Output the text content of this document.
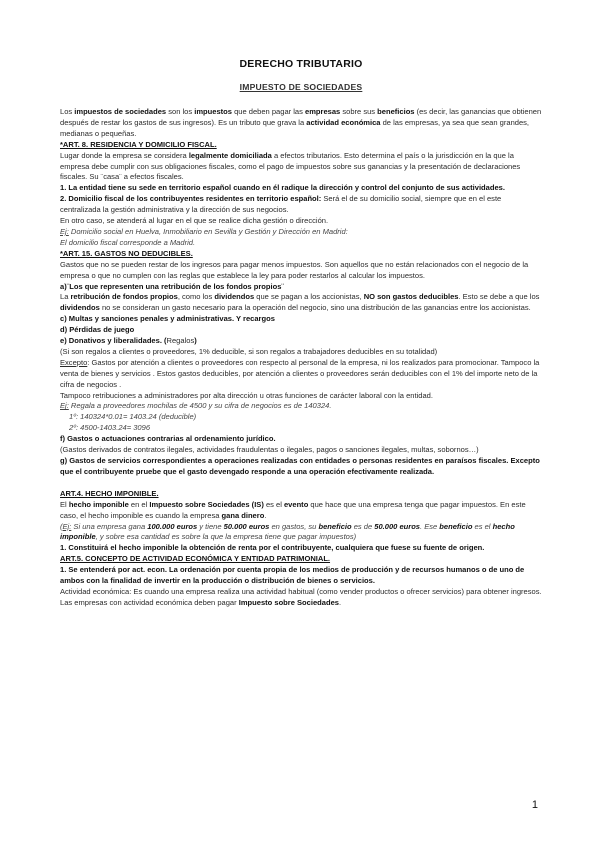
DERECHO TRIBUTARIO
IMPUESTO DE SOCIEDADES

Los impuestos de sociedades son los impuestos que deben pagar las empresas sobre sus beneficios (es decir, las ganancias que obtienen después de restar los gastos de sus ingresos). Es un tributo que grava la actividad económica de las empresas, ya sea que sean grandes, medianas o pequeñas.

*ART. 8. RESIDENCIA Y DOMICILIO FISCAL.

Lugar donde la empresa se considera legalmente domiciliada a efectos tributarios. Esto determina el país o la jurisdicción en la que la empresa debe cumplir con sus obligaciones fiscales, como el pago de impuestos sobre sus ganancias y la presentación de declaraciones fiscales. Su ¨casa¨ a efectos fiscales.

1. La entidad tiene su sede en territorio español cuando en él radique la dirección y control del conjunto de sus actividades.

2. Domicilio fiscal de los contribuyentes residentes en territorio español: Será el de su domicilio social, siempre que en el este centralizada la gestión administrativa y la dirección de sus negocios.

En otro caso, se atenderá al lugar en el que se realice dicha gestión o dirección.

Ej: Domicilio social en Huelva, Inmobiliario en Sevilla y Gestión y Dirección en Madrid:

El domicilio fiscal corresponde a Madrid.

*ART. 15. GASTOS NO DEDUCIBLES.

Gastos que no se pueden restar de los ingresos para pagar menos impuestos. Son aquellos que no están relacionados con el negocio de la empresa o que no cumplen con las reglas que establece la ley para poder restarlos al calcular los impuestos.

a)¨Los que representen una retribución de los fondos propios¨

La retribución de fondos propios, como los dividendos que se pagan a los accionistas, NO son gastos deducibles. Esto se debe a que los dividendos no se consideran un gasto necesario para la operación del negocio, sino una distribución de las ganancias entre los accionistas.

c) Multas y sanciones penales y administrativas. Y recargos

d) Pérdidas de juego

e) Donativos y liberalidades. (Regalos)

(Si son regalos a clientes o proveedores, 1% deducible, si son regalos a trabajadores deducibles en su totalidad)

Excepto: Gastos por atención a clientes o proveedores con respecto al personal de la empresa, ni los realizados para promocionar. Tampoco la venta de bienes y servicios . Estos gastos deducibles, por atención a clientes o proveedores serán deducibles con el 1% del importe neto de la cifra de negocios .

Tampoco retribuciones a administradores por alta dirección u otras funciones de carácter laboral con la entidad.

Ej: Regala a proveedores mochilas de 4500 y su cifra de negocios es de 140324.

1º: 140324*0.01= 1403.24 (deducible)

2º: 4500-1403.24= 3096

f) Gastos o actuaciones contrarias al ordenamiento jurídico.

(Gastos derivados de contratos ilegales, actividades fraudulentas o ilegales, pagos o sanciones ilegales, multas, sobornos…)

g) Gastos de servicios correspondientes a operaciones realizadas con entidades o personas residentes en paraísos fiscales. Excepto que el contribuyente pruebe que el gasto devengado responde a una operación efectivamente realizada.

ART.4. HECHO IMPONIBLE.

El hecho imponible en el Impuesto sobre Sociedades (IS) es el evento que hace que una empresa tenga que pagar impuestos. En este caso, el hecho imponible es cuando la empresa gana dinero.

(Ej: Si una empresa gana 100.000 euros y tiene 50.000 euros en gastos, su beneficio es de 50.000 euros. Ese beneficio es el hecho imponible, y sobre esa cantidad es sobre la que la empresa tiene que pagar impuestos)

1. Constituirá el hecho imponible la obtención de renta por el contribuyente, cualquiera que fuese su fuente de origen.

ART.5. CONCEPTO DE ACTIVIDAD ECONÓMICA Y ENTIDAD PATRIMONIAL.

1. Se entenderá por act. econ. La ordenación por cuenta propia de los medios de producción y de recursos humanos o de uno de ambos con la finalidad de invertir en la producción o distribución de bienes o servicios.

Actividad económica: Es cuando una empresa realiza una actividad habitual (como vender productos o ofrecer servicios) para obtener ingresos. Las empresas con actividad económica deben pagar Impuesto sobre Sociedades.

1
